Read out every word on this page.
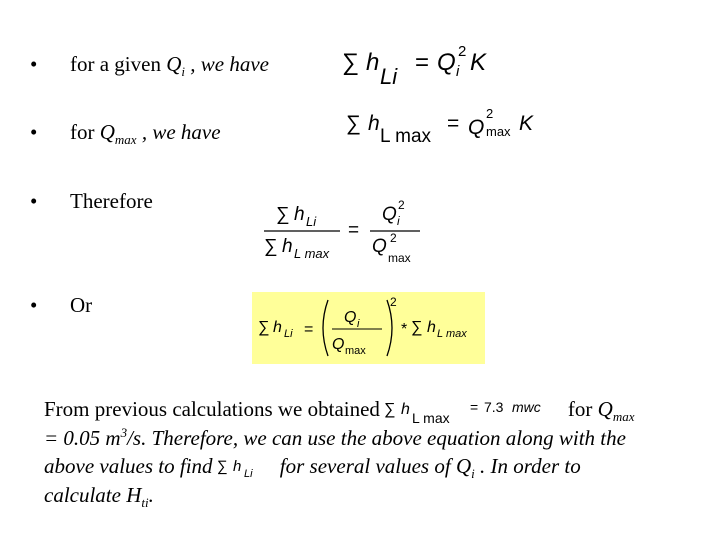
• for a given $Q_i$ , we have	∑ h
Li
= Q 2
i K
• for $Q_{max}$ , we have	∑ h
L max
= Q
2
max K
• Therefore
∑ h Li
∑ h L max
=
Q 2
i
Q 2
max
• Or
∑ h Li =
Q i
Q max
2
* ∑ h L max
From previous calculations we obtained ∑ h L max
= 7.3 mwc for $Q_{max}$
= 0.05 $m^3/s$. Therefore, we can use the above equation along with the
above values to find ∑ h Li for several values of $Q_i$ . In order to
calculate $H_{ti}$.
